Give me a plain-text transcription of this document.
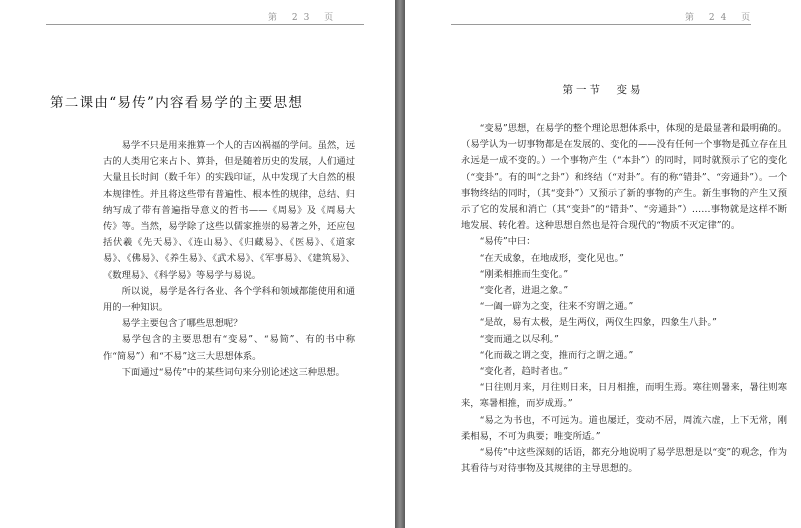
第 23 页
第二课由“易传”内容看易学的主要思想

易学不只是用来推算一个人的吉凶祸福的学问。虽然，远古的人类用它来占卜、算卦，但是随着历史的发展，人们通过大量且长时间（数千年）的实践印证，从中发现了大自然的根本规律性。并且将这些带有普遍性、根本性的规律，总结、归纳写成了带有普遍指导意义的哲书——《周易》及《周易大传》等。当然，易学除了这些以儒家推崇的易著之外，还应包括伏羲《先天易》、《连山易》、《归藏易》、《医易》、《道家易》、《佛易》、《养生易》、《武术易》、《军事易》、《建筑易》、《数理易》、《科学易》等易学与易说。

所以说，易学是各行各业、各个学科和领域都能使用和通用的一种知识。

易学主要包含了哪些思想呢？

易学包含的主要思想有“变易”、“易简”、有的书中称作“简易”）和“不易”这三大思想体系。

下面通过“易传”中的某些词句来分别论述这三种思想。

第 24 页
第一节　变易

“变易”思想，在易学的整个理论思想体系中，体现的是最显著和最明确的。（易学认为一切事物都是在发展的、变化的——没有任何一个事物是孤立存在且永远是一成不变的。）一个事物产生（“本卦”）的同时，同时就预示了它的变化（“变卦”。有的叫“之卦”）和终结（“对卦”。有的称“错卦”、“旁通卦”）。一个事物终结的同时，（其“变卦”）又预示了新的事物的产生。新生事物的产生又预示了它的发展和消亡（其“变卦”的“错卦”、“旁通卦”）……事物就是这样不断地发展、转化着。这种思想自然也是符合现代的“物质不灭定律”的。

“易传”中曰：

“在天成象，在地成形，变化见也。”

“刚柔相推而生变化。”

“变化者，进退之象。”

“一阖一辟为之变，往来不穷谓之通。”
“是故，易有太极，是生两仪，两仪生四象，四象生八卦。”

“变而通之以尽利。”

“化而裁之谓之变，推而行之谓之通。”

“变化者，趋时者也。”

“日往则月来，月往则日来，日月相推，而明生焉。寒往则暑来，暑往则寒来，寒暑相推，而岁成焉。”

“易之为书也，不可远为。道也屡迁，变动不居，周流六虚，上下无常，刚柔相易，不可为典要；唯变所适。”

“易传”中这些深刻的话语，都充分地说明了易学思想是以“变”的观念，作为其看待与对待事物及其规律的主导思想的。
